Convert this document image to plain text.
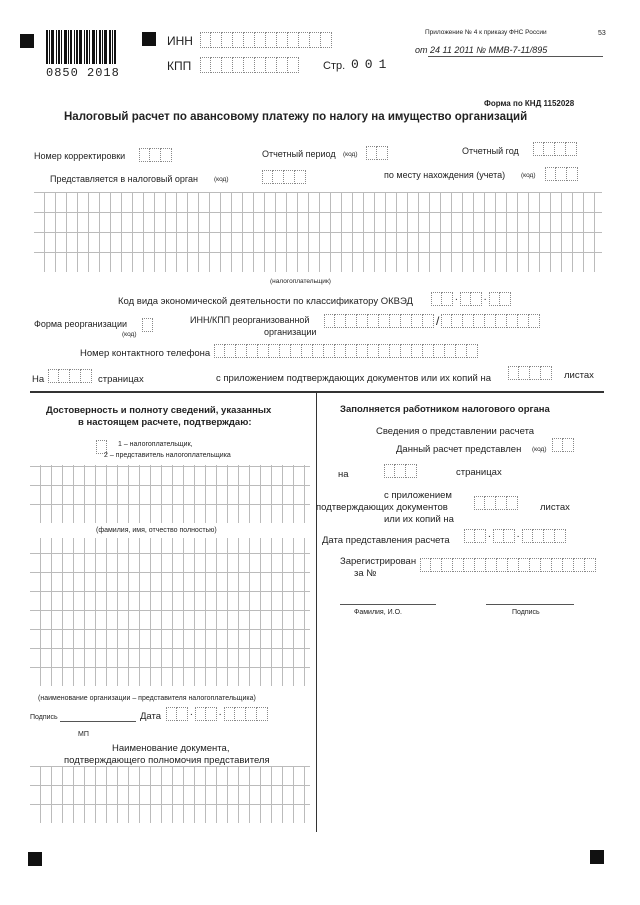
0850 2018
ИНН
КПП	Стр. 001
Приложение № 4 к приказу ФНС России	53
от 24 11 2011 № ММВ-7-11/895
Форма по КНД 1152028
Налоговый расчет по авансовому платежу по налогу на имущество организаций
Номер корректировки	Отчетный период (код)	Отчетный год
Представляется в налоговый орган (код)	по месту нахождения (учета) (код)
(налогоплательщик)
Код вида экономической деятельности по классификатору ОКВЭД	.	.
Форма реорганизации
(код)
ИНН/КПП реорганизованной
организации
/
Номер контактного телефона
На	страницах	с приложением подтверждающих документов или их копий на	листах
Достоверность и полноту сведений, указанных
в настоящем расчете, подтверждаю:
1 – налогоплательщик,
2 – представитель налогоплательщика
(фамилия, имя, отчество полностью)
(наименование организации – представителя налогоплательщика)
Подпись	Дата	.	.
МП
Наименование документа,
подтверждающего полномочия представителя
Заполняется работником налогового органа
Сведения о представлении расчета
Данный расчет представлен (код)
на	страницах
с приложением
подтверждающих документов
или их копий на
листах
Дата представления расчета
.	.
Зарегистрирован
за №
Фамилия, И.О.	Подпись
